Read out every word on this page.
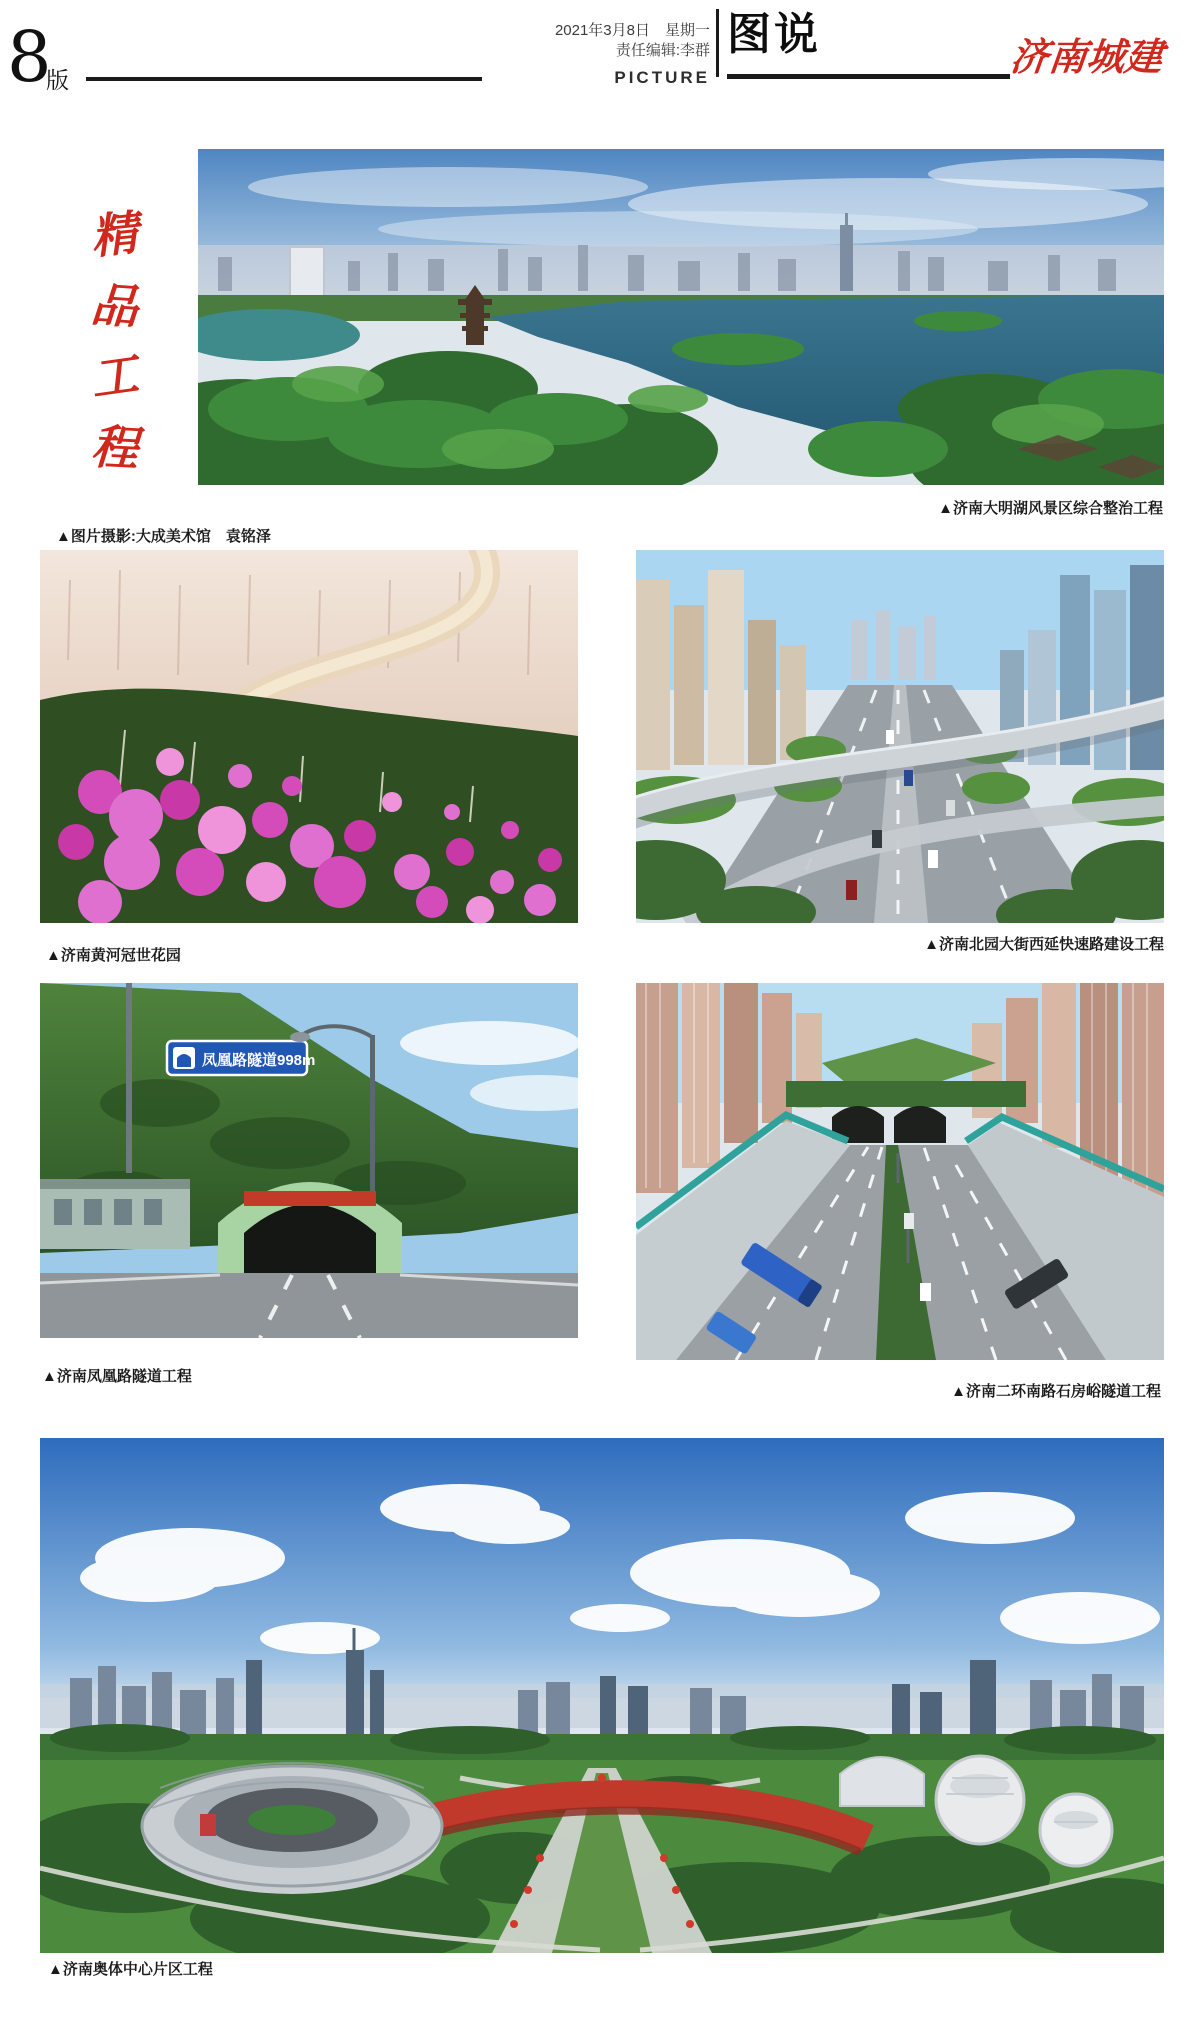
8
版
2021年3月8日　星期一
责任编辑:李群
PICTURE
图说	济南城建
精
品
工
程
▲济南大明湖风景区综合整治工程
▲图片摄影:大成美术馆　袁铭泽
▲济南黄河冠世花园
▲济南北园大街西延快速路建设工程
凤凰路隧道998m
▲济南凤凰路隧道工程
▲济南二环南路石房峪隧道工程
▲济南奥体中心片区工程
